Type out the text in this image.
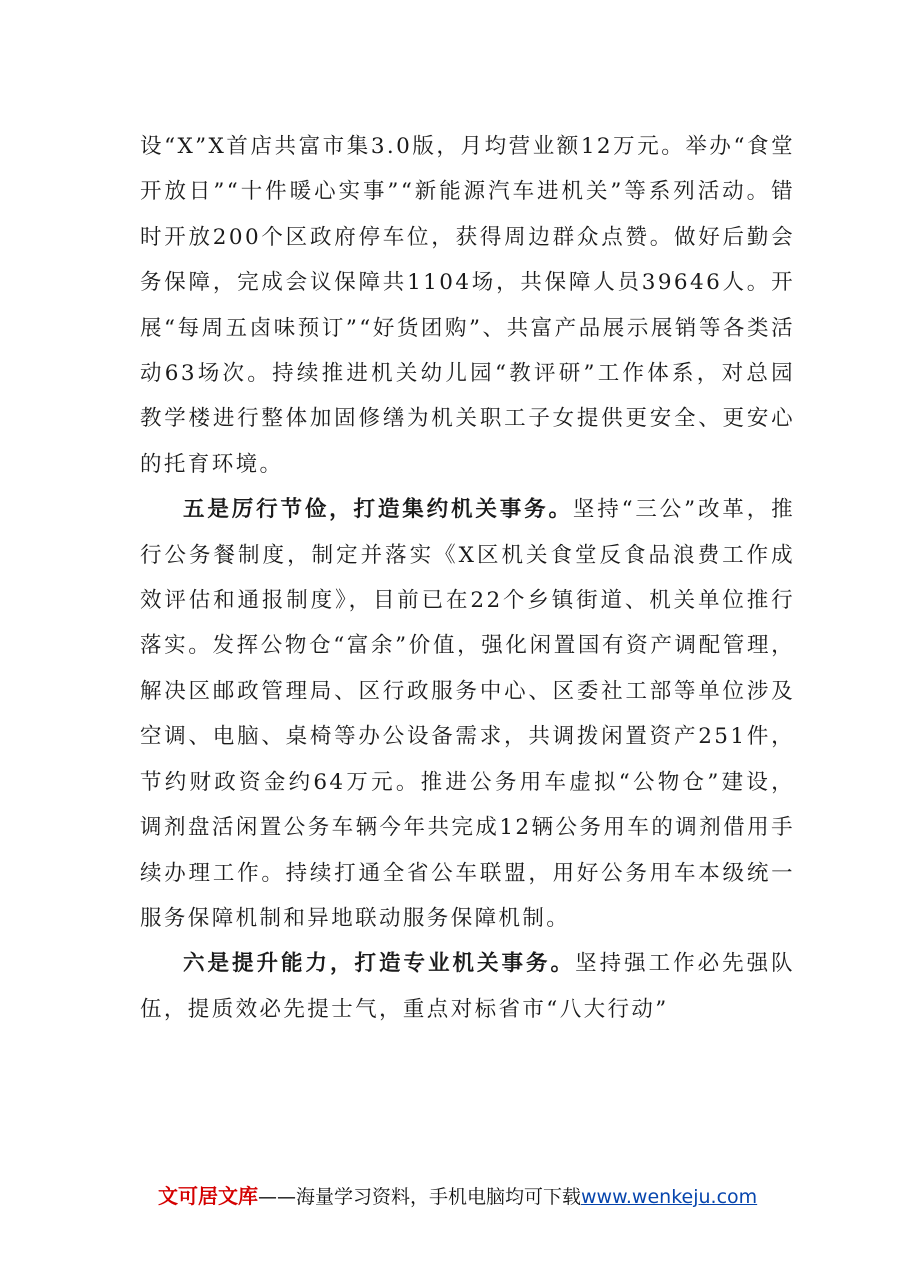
设“X”X首店共富市集3.0版，月均营业额12万元。举办“食堂开放日”“十件暖心实事”“新能源汽车进机关”等系列活动。错时开放200个区政府停车位，获得周边群众点赞。做好后勤会务保障，完成会议保障共1104场，共保障人员39646人。开展“每周五卤味预订”“好货团购”、共富产品展示展销等各类活动63场次。持续推进机关幼儿园“教评研”工作体系，对总园教学楼进行整体加固修缮为机关职工子女提供更安全、更安心的托育环境。

五是厉行节俭，打造集约机关事务。坚持“三公”改革，推行公务餐制度，制定并落实《X区机关食堂反食品浪费工作成效评估和通报制度》，目前已在22个乡镇街道、机关单位推行落实。发挥公物仓“富余”价值，强化闲置国有资产调配管理，解决区邮政管理局、区行政服务中心、区委社工部等单位涉及空调、电脑、桌椅等办公设备需求，共调拨闲置资产251件，节约财政资金约64万元。推进公务用车虚拟“公物仓”建设，调剂盘活闲置公务车辆今年共完成12辆公务用车的调剂借用手续办理工作。持续打通全省公车联盟，用好公务用车本级统一服务保障机制和异地联动服务保障机制。

六是提升能力，打造专业机关事务。坚持强工作必先强队伍，提质效必先提士气，重点对标省市“八大行动”

文可居文库——海量学习资料，手机电脑均可下载www.wenkeju.com
